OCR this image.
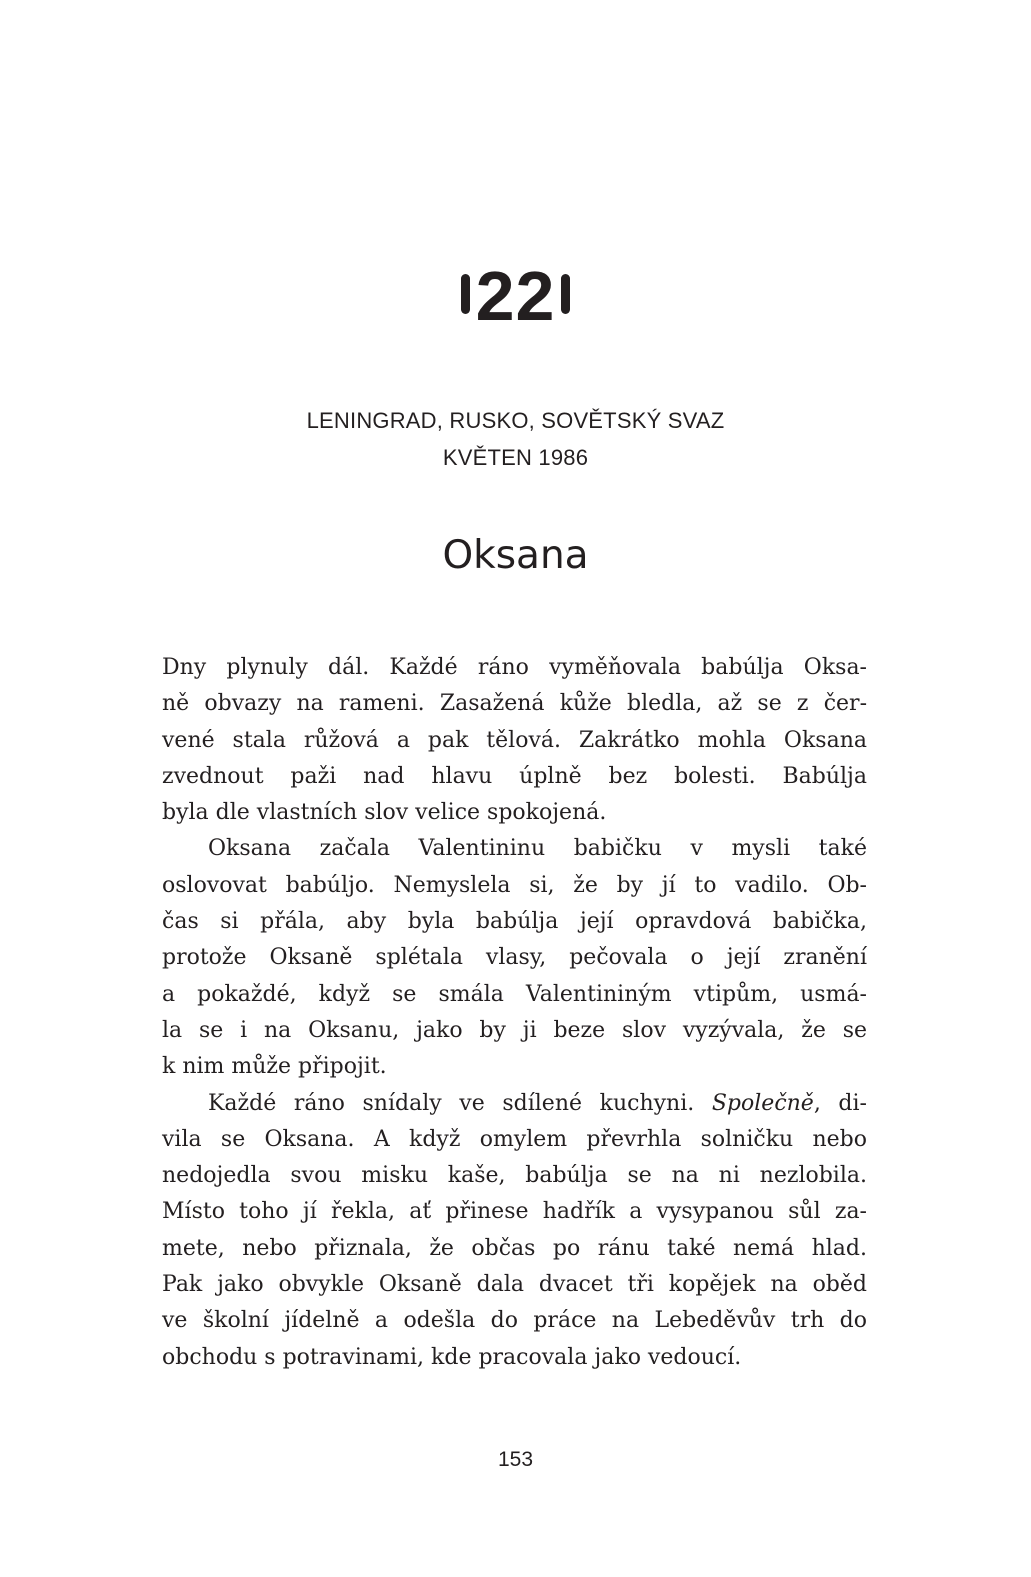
22
LENINGRAD, RUSKO, SOVĚTSKÝ SVAZ
KVĚTEN 1986
Oksana
Dny plynuly dál. Každé ráno vyměňovala babúlja Oksa-
ně obvazy na rameni. Zasažená kůže bledla, až se z čer-
vené stala růžová a pak tělová. Zakrátko mohla Oksana
zvednout paži nad hlavu úplně bez bolesti. Babúlja
byla dle vlastních slov velice spokojená.
Oksana začala Valentininu babičku v mysli také
oslovovat babúljo. Nemyslela si, že by jí to vadilo. Ob-
čas si přála, aby byla babúlja její opravdová babička,
protože Oksaně splétala vlasy, pečovala o její zranění
a pokaždé, když se smála Valentininým vtipům, usmá-
la se i na Oksanu, jako by ji beze slov vyzývala, že se
k nim může připojit.
Každé ráno snídaly ve sdílené kuchyni. Společně, di-
vila se Oksana. A když omylem převrhla solničku nebo
nedojedla svou misku kaše, babúlja se na ni nezlobila.
Místo toho jí řekla, ať přinese hadřík a vysypanou sůl za-
mete, nebo přiznala, že občas po ránu také nemá hlad.
Pak jako obvykle Oksaně dala dvacet tři kopějek na oběd
ve školní jídelně a odešla do práce na Lebeděvův trh do
obchodu s potravinami, kde pracovala jako vedoucí.
153
